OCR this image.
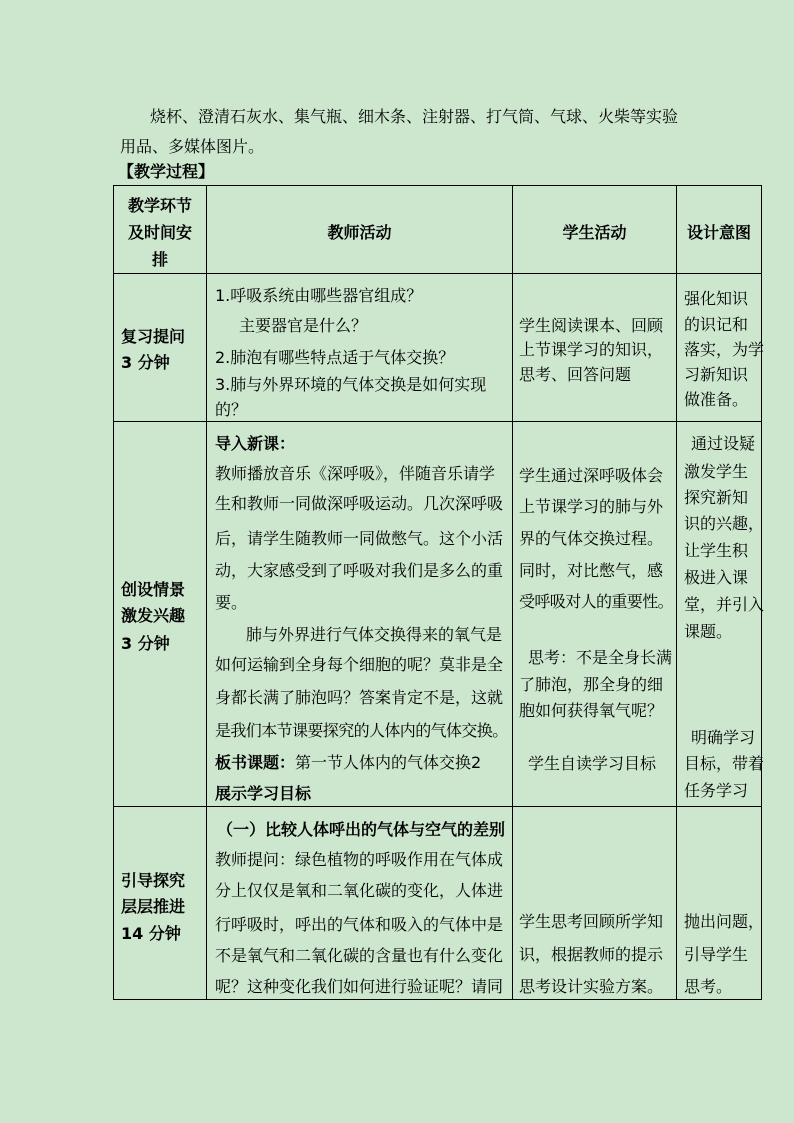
烧杯、澄清石灰水、集气瓶、细木条、注射器、打气筒、气球、火柴等实验
用品、多媒体图片。
【教学过程】
教学环节
及时间安
排
教师活动	学生活动	设计意图
复习提问
3 分钟
1.呼吸系统由哪些器官组成？
主要器官是什么？
2.肺泡有哪些特点适于气体交换？
3.肺与外界环境的气体交换是如何实现
的？
学生阅读课本、回顾
上节课学习的知识，
思考、回答问题
强化知识
的识记和
落实，为学
习新知识
做准备。
创设情景
激发兴趣
3 分钟
导入新课：
教师播放音乐《深呼吸》，伴随音乐请学
生和教师一同做深呼吸运动。几次深呼吸
后，请学生随教师一同做憋气。这个小活
动，大家感受到了呼吸对我们是多么的重
要。
肺与外界进行气体交换得来的氧气是
如何运输到全身每个细胞的呢？莫非是全
身都长满了肺泡吗？答案肯定不是，这就
是我们本节课要探究的人体内的气体交换。
板书课题：第一节人体内的气体交换2
展示学习目标
学生通过深呼吸体会
上节课学习的肺与外
界的气体交换过程。
同时，对比憋气，感
受呼吸对人的重要性。
思考：不是全身长满
了肺泡，那全身的细
胞如何获得氧气呢？
学生自读学习目标
通过设疑
激发学生
探究新知
识的兴趣，
让学生积
极进入课
堂，并引入
课题。
明确学习
目标，带着
任务学习
引导探究
层层推进
14 分钟
（一）比较人体呼出的气体与空气的差别
教师提问：绿色植物的呼吸作用在气体成
分上仅仅是氧和二氧化碳的变化，人体进
行呼吸时，呼出的气体和吸入的气体中是
不是氧气和二氧化碳的含量也有什么变化
呢？这种变化我们如何进行验证呢？请同
学生思考回顾所学知
识，根据教师的提示
思考设计实验方案。
抛出问题，
引导学生
思考。
